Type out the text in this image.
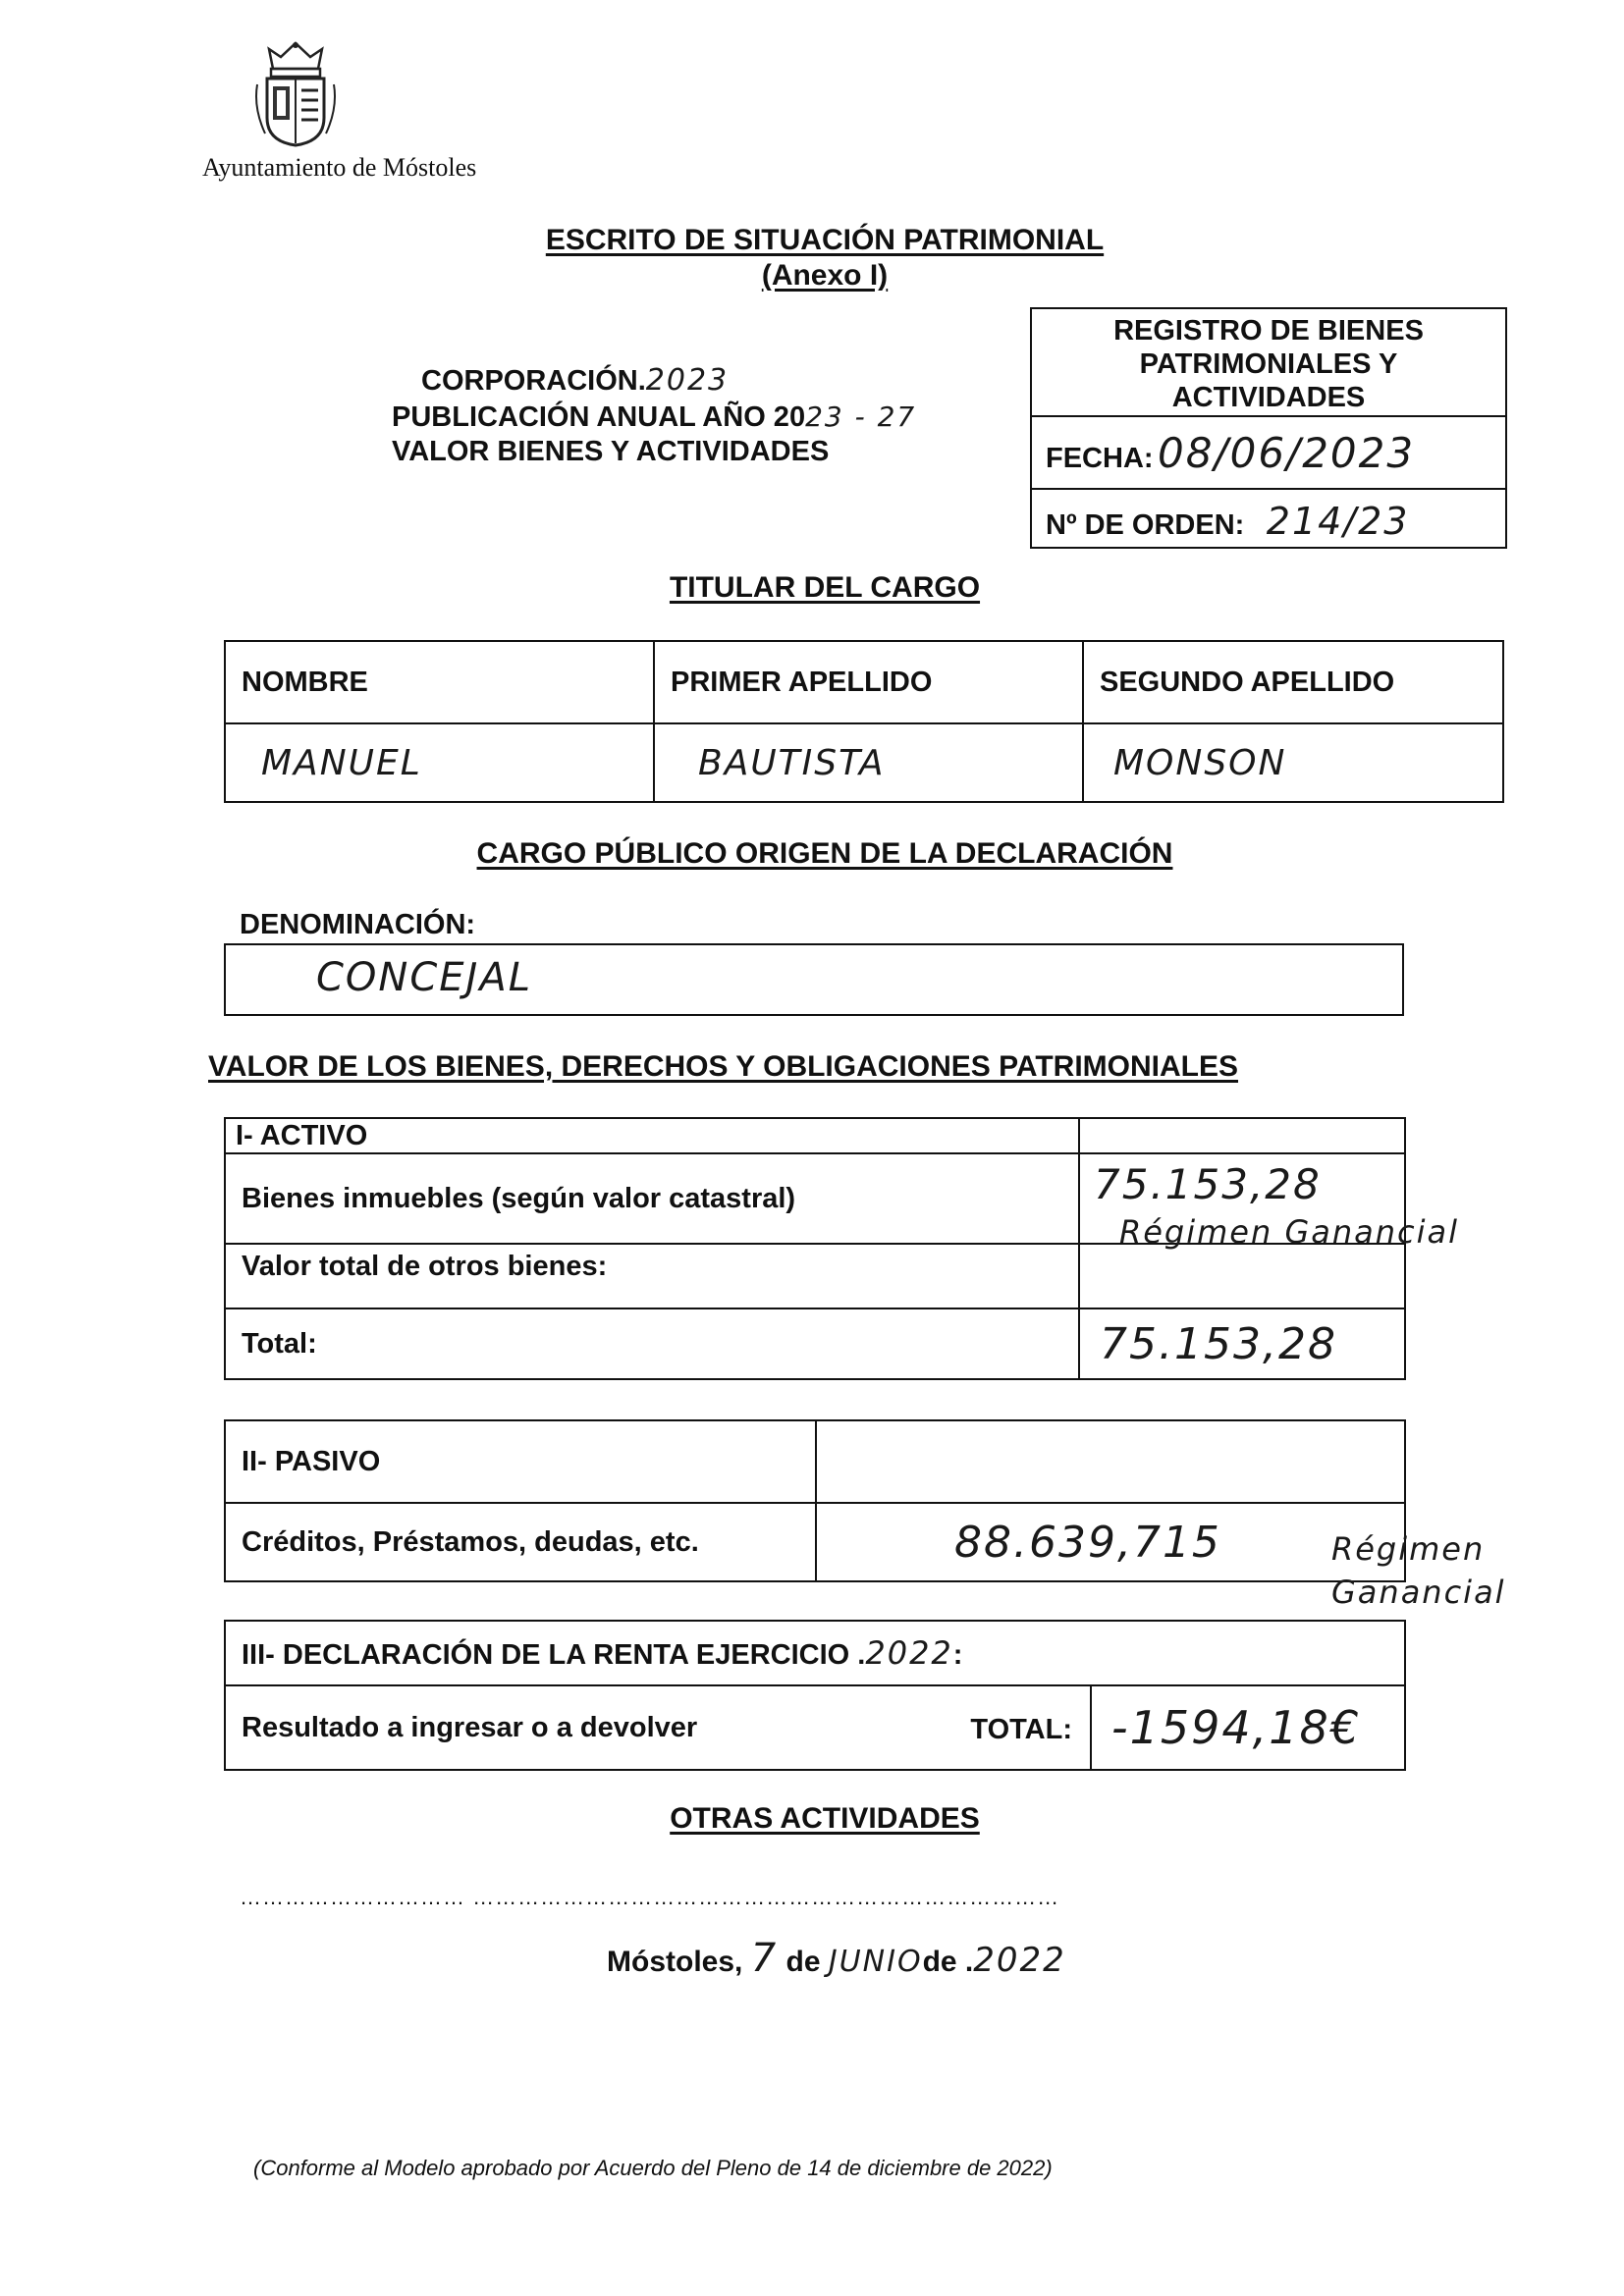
Ayuntamiento de Móstoles
ESCRITO DE SITUACIÓN PATRIMONIAL
(Anexo I)
CORPORACIÓN.2023
PUBLICACIÓN ANUAL AÑO 2023 - 27
VALOR BIENES Y ACTIVIDADES
REGISTRO DE BIENES PATRIMONIALES Y ACTIVIDADES
FECHA: 08/06/2023
Nº DE ORDEN: 214/23
TITULAR DEL CARGO
NOMBRE	PRIMER APELLIDO	SEGUNDO APELLIDO
MANUEL	BAUTISTA	MONSON
CARGO PÚBLICO ORIGEN DE LA DECLARACIÓN
DENOMINACIÓN:
CONCEJAL
VALOR DE LOS BIENES, DERECHOS Y OBLIGACIONES PATRIMONIALES
I- ACTIVO	
Bienes inmuebles (según valor catastral)	75.153,28

Valor total de otros bienes:	
Total:	75.153,28
Régimen Ganancial
II- PASIVO	
Créditos, Préstamos, deudas, etc.	88.639,715	Régimen Ganancial
III- DECLARACIÓN DE LA RENTA EJERCICIO .2022:
Resultado a ingresar o a devolver	TOTAL:	-1594,18€
OTRAS ACTIVIDADES
………………………… ……………………………………………………………………
Móstoles, 7 de JUNIOde .2022
(Conforme al Modelo aprobado por Acuerdo del Pleno de 14 de diciembre de 2022)
